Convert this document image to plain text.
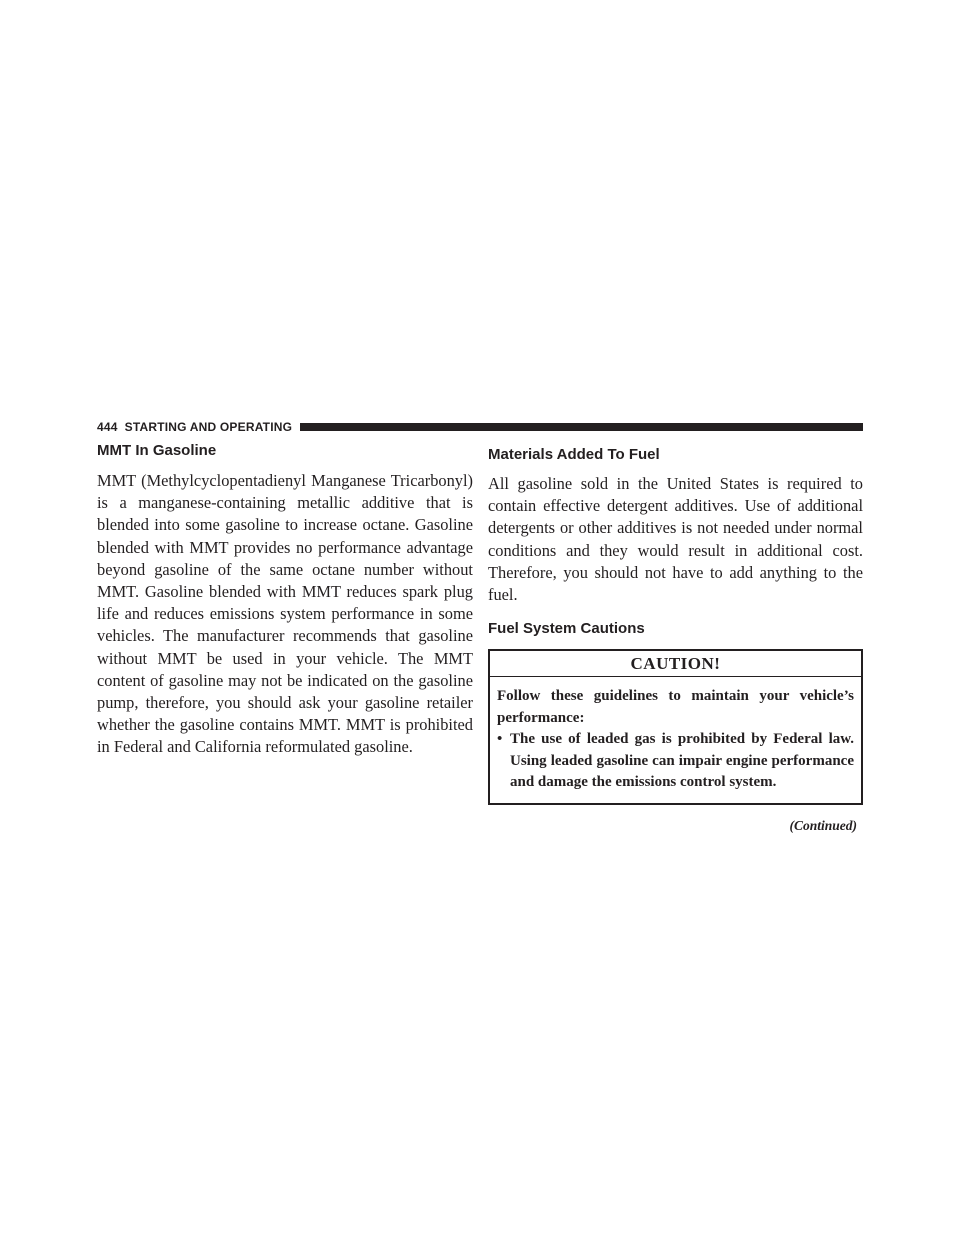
444 STARTING AND OPERATING
MMT In Gasoline

MMT (Methylcyclopentadienyl Manganese Tricarbonyl) is a manganese-containing metallic additive that is blended into some gasoline to increase octane. Gasoline blended with MMT provides no performance advantage beyond gasoline of the same octane number without MMT. Gasoline blended with MMT reduces spark plug life and reduces emissions system performance in some vehicles. The manufacturer recommends that gasoline without MMT be used in your vehicle. The MMT content of gasoline may not be indicated on the gasoline pump, therefore, you should ask your gasoline retailer whether the gasoline contains MMT. MMT is prohibited in Federal and California reformulated gasoline.

Materials Added To Fuel

All gasoline sold in the United States is required to contain effective detergent additives. Use of additional detergents or other additives is not needed under normal conditions and they would result in additional cost. Therefore, you should not have to add anything to the fuel.

Fuel System Cautions
CAUTION!
Follow these guidelines to maintain your vehicle’s performance:
• The use of leaded gas is prohibited by Federal law. Using leaded gasoline can impair engine performance and damage the emissions control system.
(Continued)
